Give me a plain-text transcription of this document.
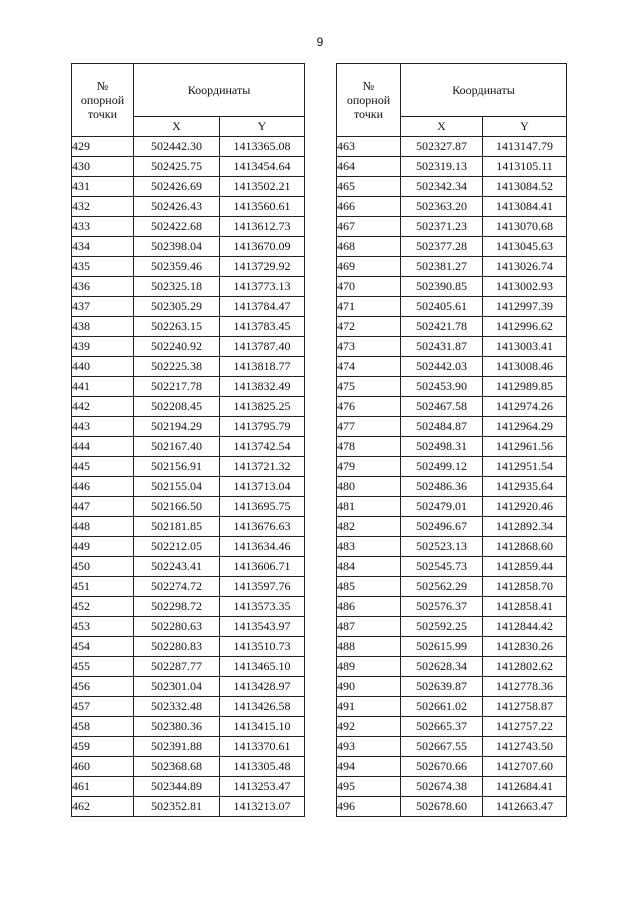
9
№
опорной
точки	Координаты	
	X	Y
429	502442.30	1413365.08
430	502425.75	1413454.64
431	502426.69	1413502.21
432	502426.43	1413560.61
433	502422.68	1413612.73
434	502398.04	1413670.09
435	502359.46	1413729.92
436	502325.18	1413773.13
437	502305.29	1413784.47
438	502263.15	1413783.45
439	502240.92	1413787.40
440	502225.38	1413818.77
441	502217.78	1413832.49
442	502208.45	1413825.25
443	502194.29	1413795.79
444	502167.40	1413742.54
445	502156.91	1413721.32
446	502155.04	1413713.04
447	502166.50	1413695.75
448	502181.85	1413676.63
449	502212.05	1413634.46
450	502243.41	1413606.71
451	502274.72	1413597.76
452	502298.72	1413573.35
453	502280.63	1413543.97
454	502280.83	1413510.73
455	502287.77	1413465.10
456	502301.04	1413428.97
457	502332.48	1413426.58
458	502380.36	1413415.10
459	502391.88	1413370.61
460	502368.68	1413305.48
461	502344.89	1413253.47
462	502352.81	1413213.07
№
опорной
точки	Координаты	
	X	Y
463	502327.87	1413147.79
464	502319.13	1413105.11
465	502342.34	1413084.52
466	502363.20	1413084.41
467	502371.23	1413070.68
468	502377.28	1413045.63
469	502381.27	1413026.74
470	502390.85	1413002.93
471	502405.61	1412997.39
472	502421.78	1412996.62
473	502431.87	1413003.41
474	502442.03	1413008.46
475	502453.90	1412989.85
476	502467.58	1412974.26
477	502484.87	1412964.29
478	502498.31	1412961.56
479	502499.12	1412951.54
480	502486.36	1412935.64
481	502479.01	1412920.46
482	502496.67	1412892.34
483	502523.13	1412868.60
484	502545.73	1412859.44
485	502562.29	1412858.70
486	502576.37	1412858.41
487	502592.25	1412844.42
488	502615.99	1412830.26
489	502628.34	1412802.62
490	502639.87	1412778.36
491	502661.02	1412758.87
492	502665.37	1412757.22
493	502667.55	1412743.50
494	502670.66	1412707.60
495	502674.38	1412684.41
496	502678.60	1412663.47
